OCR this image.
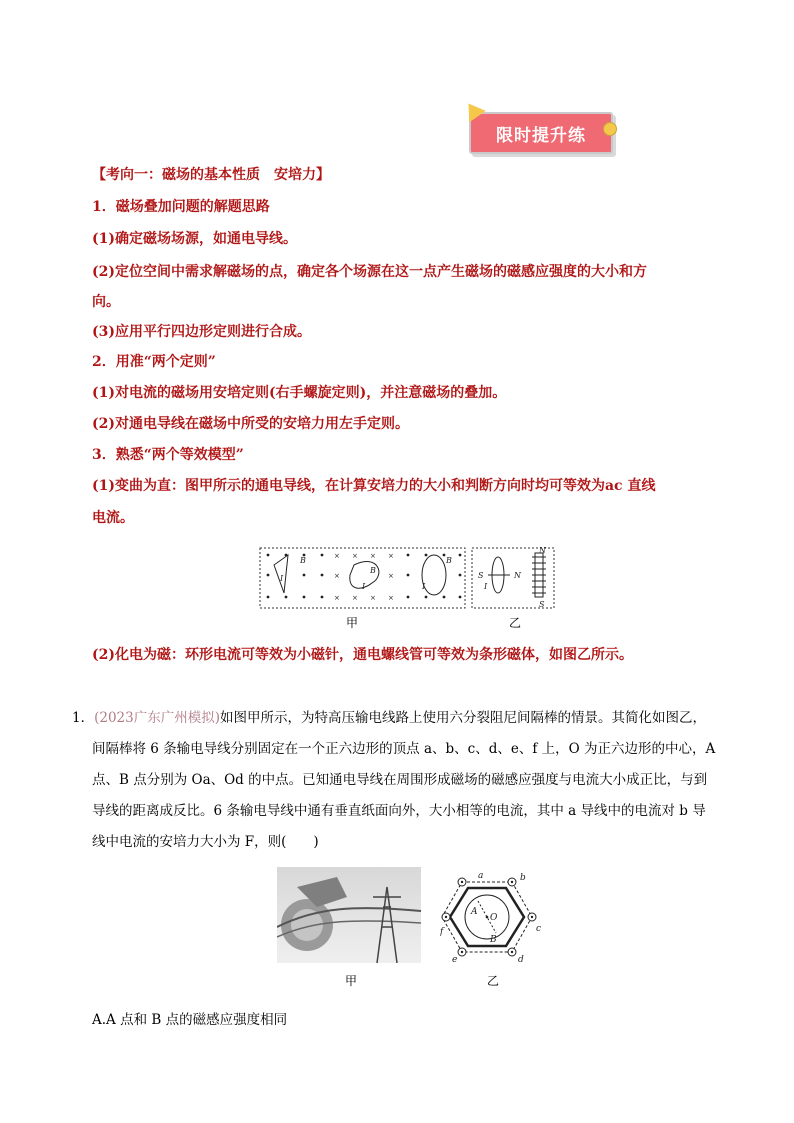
限时提升练
【考向一：磁场的基本性质　安培力】
1．磁场叠加问题的解题思路
(1)确定磁场场源，如通电导线。
(2)定位空间中需求解磁场的点，确定各个场源在这一点产生磁场的磁感应强度的大小和方
向。
(3)应用平行四边形定则进行合成。
2．用准“两个定则”
(1)对电流的磁场用安培定则(右手螺旋定则)，并注意磁场的叠加。
(2)对通电导线在磁场中所受的安培力用左手定则。
3．熟悉“两个等效模型”
(1)变曲为直：图甲所示的通电导线，在计算安培力的大小和判断方向时均可等效为ac 直线
电流。
× × × ×
×	×
× × × ×
B
B
B
I
I	I	I
S	N
N
S
甲	乙
(2)化电为磁：环形电流可等效为小磁针，通电螺线管可等效为条形磁体，如图乙所示。
1．(2023广东广州模拟)如图甲所示，为特高压输电线路上使用六分裂阻尼间隔棒的情景。其简化如图乙，
间隔棒将 6 条输电导线分别固定在一个正六边形的顶点 a、b、c、d、e、f 上，O 为正六边形的中心，A
点、B 点分别为 Oa、Od 的中点。已知通电导线在周围形成磁场的磁感应强度与电流大小成正比，与到
导线的距离成反比。6 条输电导线中通有垂直纸面向外，大小相等的电流，其中 a 导线中的电流对 b 导
线中电流的安培力大小为 F，则(　　)
甲
a	b
c
d
e
f
O
A
B
乙
A.A 点和 B 点的磁感应强度相同
